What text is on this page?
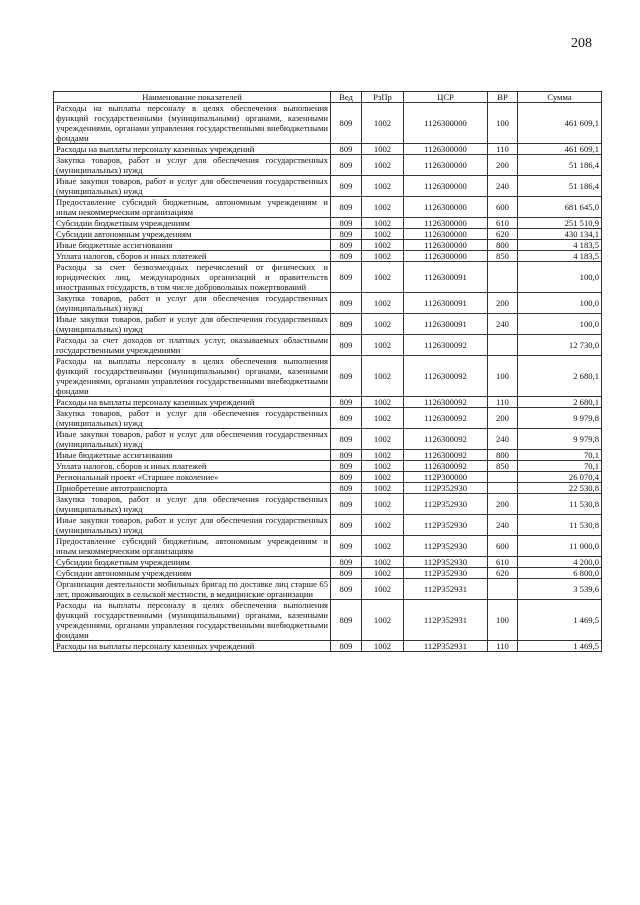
208
Наименование показателей	Вед	РзПр	ЦСР	ВР	Сумма
Расходы на выплаты персоналу в целях обеспечения выполнения функций государственными (муниципальными) органами, казенными учреждениями, органами управления государственными внебюджетными фондами	809	1002	1126300000	100	461 609,1
Расходы на выплаты персоналу казенных учреждений	809	1002	1126300000	110	461 609,1
Закупка товаров, работ и услуг для обеспечения государственных (муниципальных) нужд	809	1002	1126300000	200	51 186,4
Иные закупки товаров, работ и услуг для обеспечения государственных (муниципальных) нужд	809	1002	1126300000	240	51 186,4
Предоставление субсидий бюджетным, автономным учреждениям и иным некоммерческим организациям	809	1002	1126300000	600	681 645,0
Субсидии бюджетным учреждениям	809	1002	1126300000	610	251 510,9
Субсидии автономным учреждениям	809	1002	1126300000	620	430 134,1
Иные бюджетные ассигнования	809	1002	1126300000	800	4 183,5
Уплата налогов, сборов и иных платежей	809	1002	1126300000	850	4 183,5
Расходы за счет безвозмездных перечислений от физических и юридических лиц, международных организаций и правительств иностранных государств, в том числе добровольных пожертвований	809	1002	1126300091		100,0
Закупка товаров, работ и услуг для обеспечения государственных (муниципальных) нужд	809	1002	1126300091	200	100,0
Иные закупки товаров, работ и услуг для обеспечения государственных (муниципальных) нужд	809	1002	1126300091	240	100,0
Расходы за счет доходов от платных услуг, оказываемых областными государственными учреждениями	809	1002	1126300092		12 730,0
Расходы на выплаты персоналу в целях обеспечения выполнения функций государственными (муниципальными) органами, казенными учреждениями, органами управления государственными внебюджетными фондами	809	1002	1126300092	100	2 680,1
Расходы на выплаты персоналу казенных учреждений	809	1002	1126300092	110	2 680,1
Закупка товаров, работ и услуг для обеспечения государственных (муниципальных) нужд	809	1002	1126300092	200	9 979,8
Иные закупки товаров, работ и услуг для обеспечения государственных (муниципальных) нужд	809	1002	1126300092	240	9 979,8
Иные бюджетные ассигнования	809	1002	1126300092	800	70,1
Уплата налогов, сборов и иных платежей	809	1002	1126300092	850	70,1
Региональный проект «Старшее поколение»	809	1002	112P300000		26 070,4
Приобретение автотранспорта	809	1002	112P352930		22 530,8
Закупка товаров, работ и услуг для обеспечения государственных (муниципальных) нужд	809	1002	112P352930	200	11 530,8
Иные закупки товаров, работ и услуг для обеспечения государственных (муниципальных) нужд	809	1002	112P352930	240	11 530,8
Предоставление субсидий бюджетным, автономным учреждениям и иным некоммерческим организациям	809	1002	112P352930	600	11 000,0
Субсидии бюджетным учреждениям	809	1002	112P352930	610	4 200,0
Субсидии автономным учреждениям	809	1002	112P352930	620	6 800,0
Организация деятельности мобильных бригад по доставке лиц старше 65 лет, проживающих в сельской местности, в медицинские организации	809	1002	112P352931		3 539,6
Расходы на выплаты персоналу в целях обеспечения выполнения функций государственными (муниципальными) органами, казенными учреждениями, органами управления государственными внебюджетными фондами	809	1002	112P352931	100	1 469,5
Расходы на выплаты персоналу казенных учреждений	809	1002	112P352931	110	1 469,5
